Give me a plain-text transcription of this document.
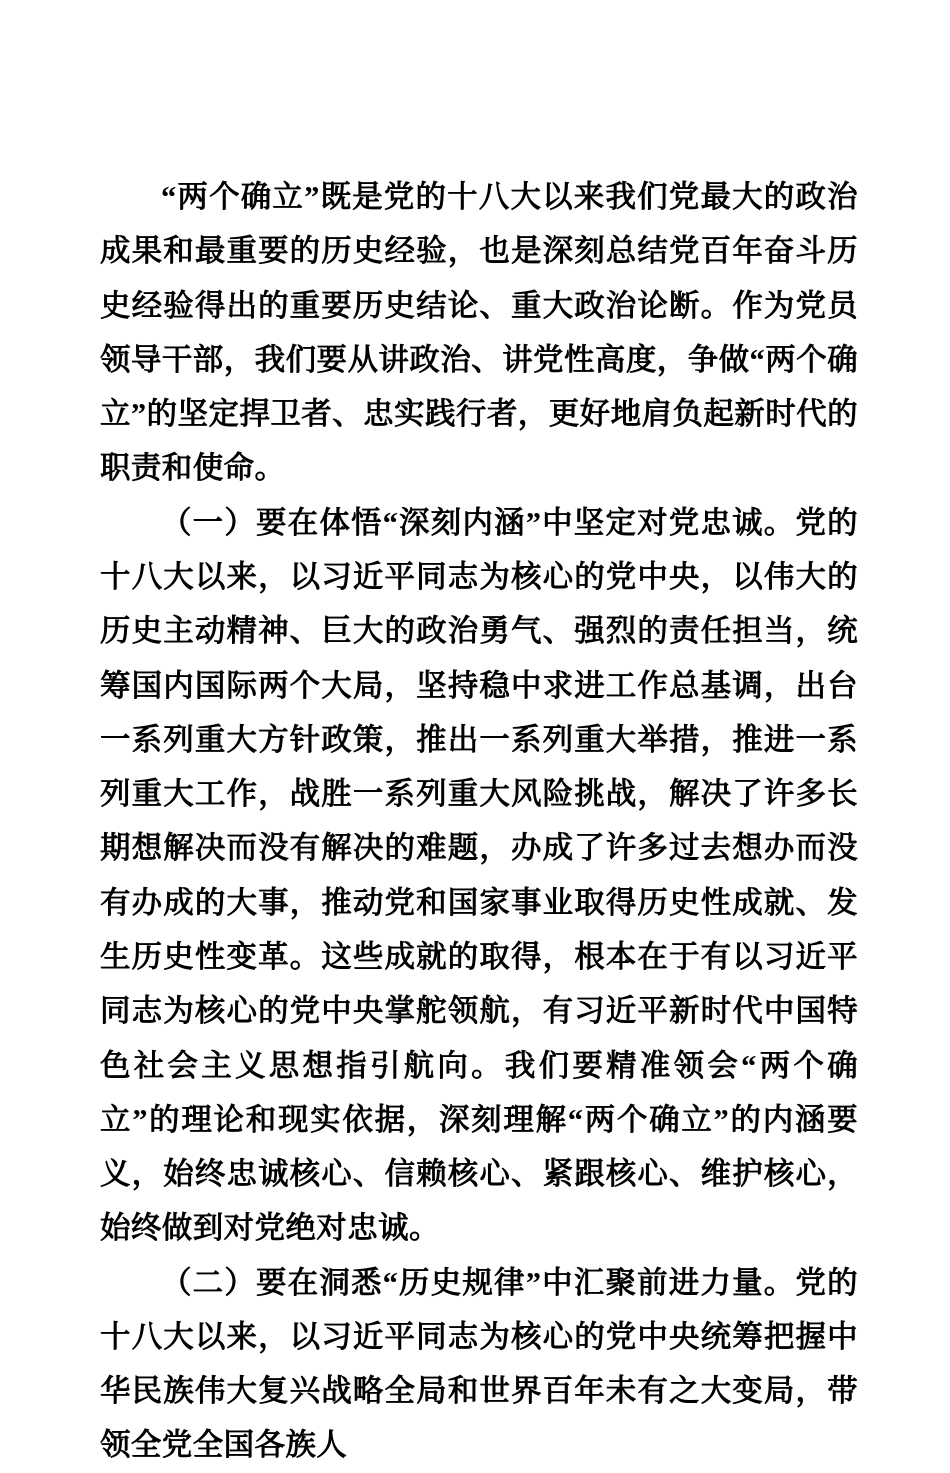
“两个确立”既是党的十八大以来我们党最大的政治成果和最重要的历史经验，也是深刻总结党百年奋斗历史经验得出的重要历史结论、重大政治论断。作为党员领导干部，我们要从讲政治、讲党性高度，争做“两个确立”的坚定捍卫者、忠实践行者，更好地肩负起新时代的职责和使命。

（一）要在体悟“深刻内涵”中坚定对党忠诚。党的十八大以来，以习近平同志为核心的党中央，以伟大的历史主动精神、巨大的政治勇气、强烈的责任担当，统筹国内国际两个大局，坚持稳中求进工作总基调，出台一系列重大方针政策，推出一系列重大举措，推进一系列重大工作，战胜一系列重大风险挑战，解决了许多长期想解决而没有解决的难题，办成了许多过去想办而没有办成的大事，推动党和国家事业取得历史性成就、发生历史性变革。这些成就的取得，根本在于有以习近平同志为核心的党中央掌舵领航，有习近平新时代中国特色社会主义思想指引航向。我们要精准领会“两个确立”的理论和现实依据，深刻理解“两个确立”的内涵要义，始终忠诚核心、信赖核心、紧跟核心、维护核心，始终做到对党绝对忠诚。

（二）要在洞悉“历史规律”中汇聚前进力量。党的十八大以来，以习近平同志为核心的党中央统筹把握中华民族伟大复兴战略全局和世界百年未有之大变局，带领全党全国各族人
